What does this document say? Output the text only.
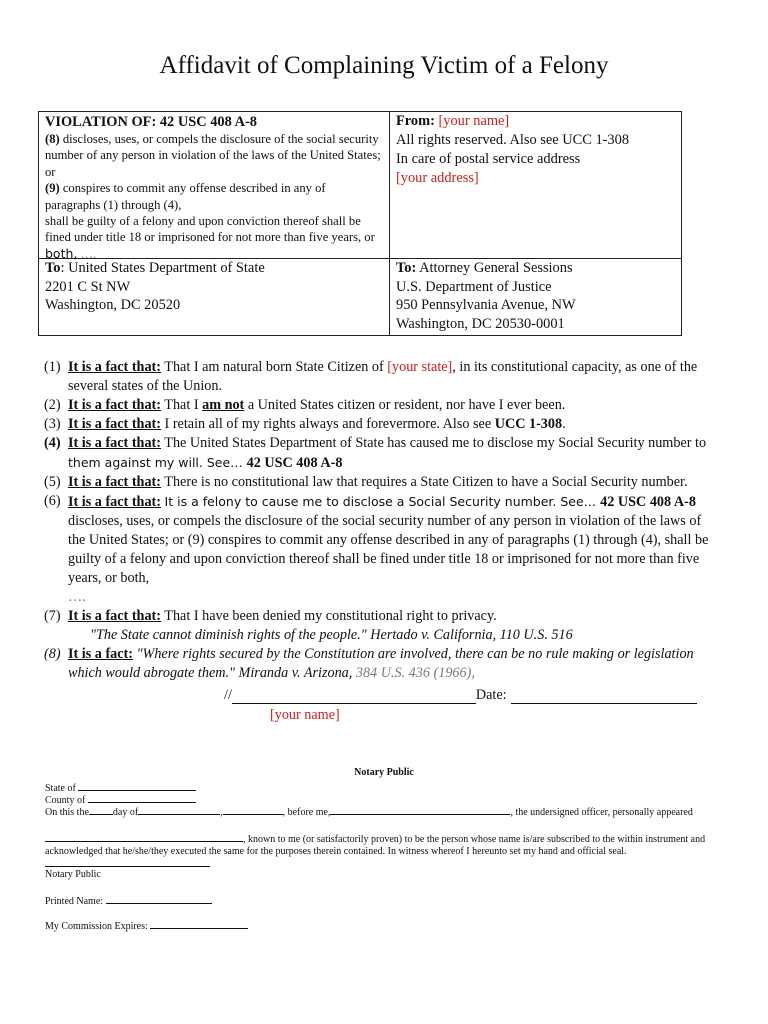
Affidavit of Complaining Victim of a Felony
VIOLATION OF: 42 USC 408 A-8
(8) discloses, uses, or compels the disclosure of the social security number of any person in violation of the laws of the United States;
or
(9) conspires to commit any offense described in any of paragraphs (1) through (4),
shall be guilty of a felony and upon conviction thereof shall be fined under title 18 or imprisoned for not more than five years, or
both, ….
From: [your name]
All rights reserved. Also see UCC 1-308
In care of postal service address
[your address]
To: United States Department of State
2201 C St NW
Washington, DC 20520
To: Attorney General Sessions
U.S. Department of Justice
950 Pennsylvania Avenue, NW
Washington, DC 20530-0001
(1) It is a fact that: That I am natural born State Citizen of [your state], in its constitutional capacity, as one of the several states of the Union.
(2) It is a fact that: That I am not a United States citizen or resident, nor have I ever been.
(3) It is a fact that: I retain all of my rights always and forevermore. Also see UCC 1-308.
(4) It is a fact that: The United States Department of State has caused me to disclose my Social Security number to them against my will. See… 42 USC 408 A-8
(5) It is a fact that: There is no constitutional law that requires a State Citizen to have a Social Security number.
(6) It is a fact that: It is a felony to cause me to disclose a Social Security number. See… 42 USC 408 A-8 discloses, uses, or compels the disclosure of the social security number of any person in violation of the laws of the United States; or (9) conspires to commit any offense described in any of paragraphs (1) through (4), shall be guilty of a felony and upon conviction thereof shall be fined under title 18 or imprisoned for not more than five years, or both,
….
(7) It is a fact that: That I have been denied my constitutional right to privacy.
"The State cannot diminish rights of the people." Hertado v. California, 110 U.S. 516
(8) It is a fact: "Where rights secured by the Constitution are involved, there can be no rule making or legislation which would abrogate them." Miranda v. Arizona, 384 U.S. 436 (1966),
//	Date:
[your name]
Notary Public
State of
County of
On this the day of	,	, before me,	, the undersigned officer, personally appeared
, known to me (or satisfactorily proven) to be the person whose name is/are subscribed to the within instrument and
acknowledged that he/she/they executed the same for the purposes therein contained. In witness whereof I hereunto set my hand and official seal.
Notary Public
Printed Name:
My Commission Expires:
